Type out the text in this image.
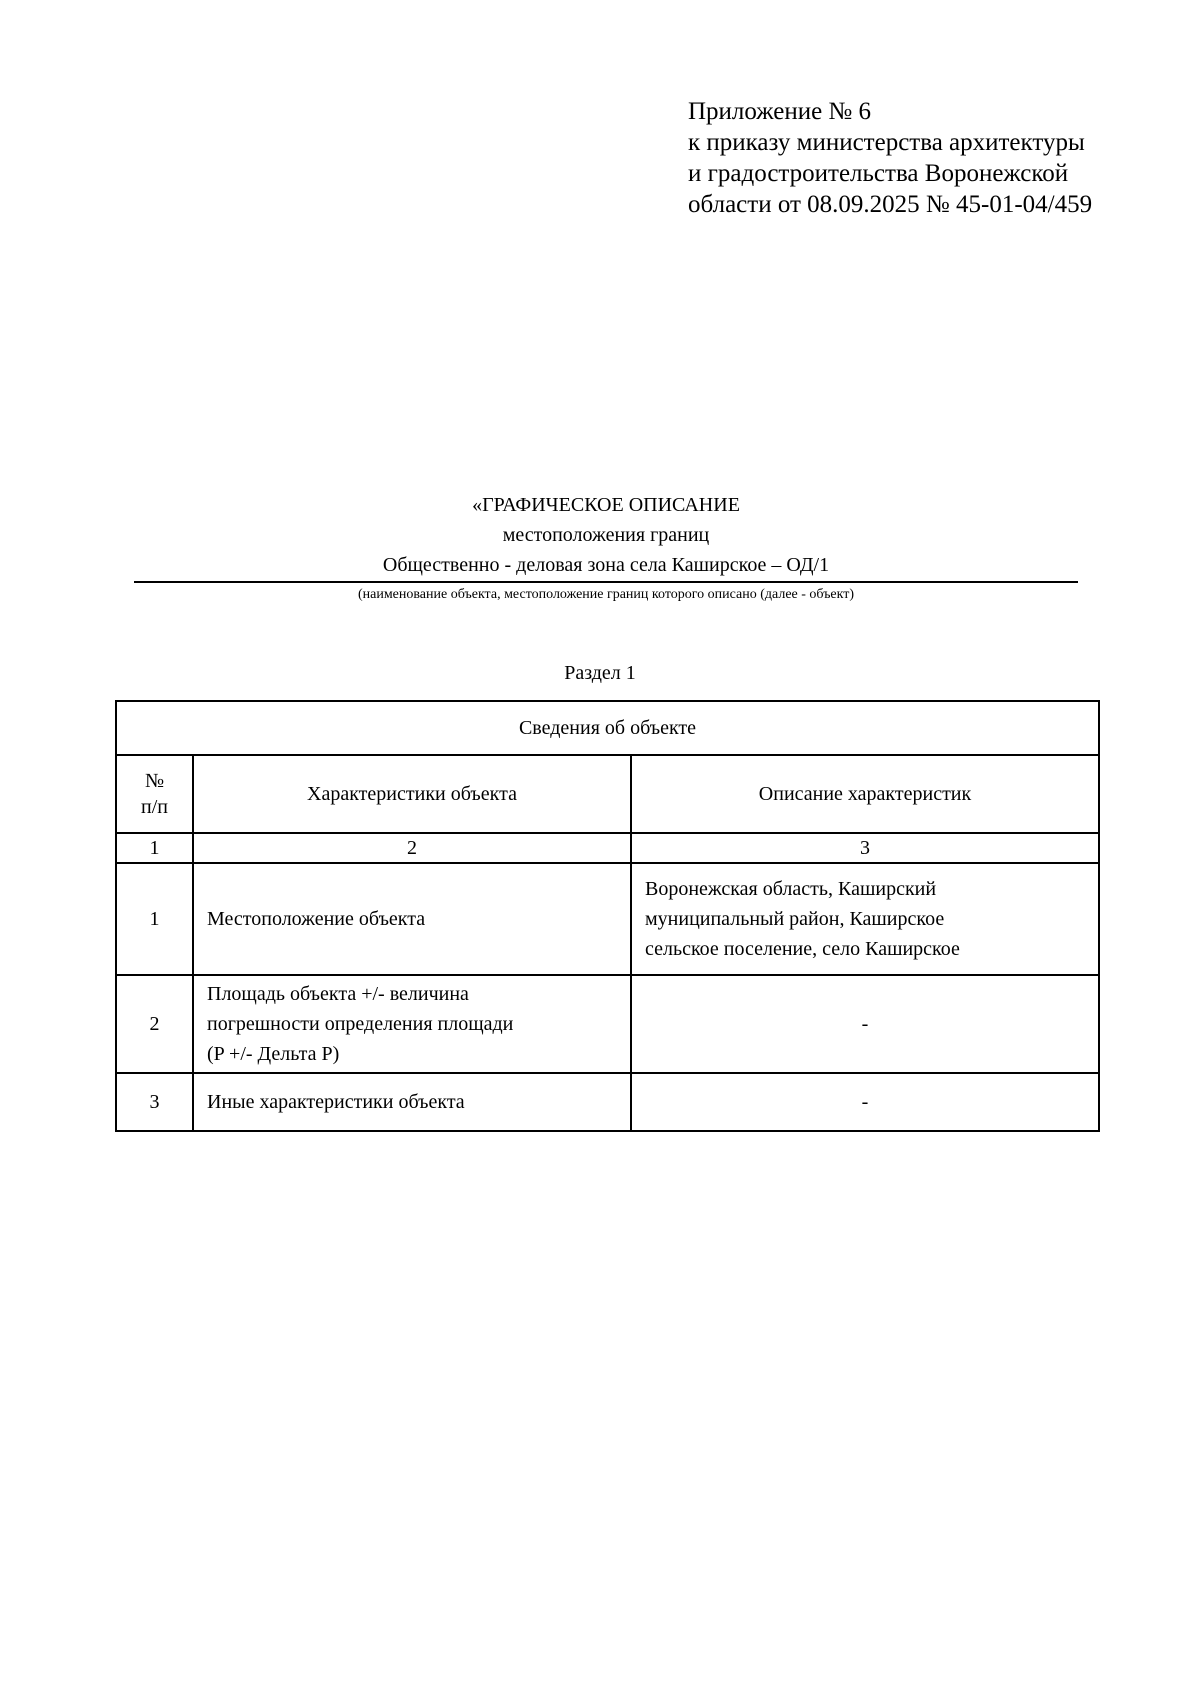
Приложение № 6
к приказу министерства архитектуры
и градостроительства Воронежской
области от 08.09.2025 № 45-01-04/459
«ГРАФИЧЕСКОЕ ОПИСАНИЕ
местоположения границ
Общественно - деловая зона села Каширское – ОД/1
(наименование объекта, местоположение границ которого описано (далее - объект)
Раздел 1
Сведения об объекте		

№
п/п	Характеристики объекта	Описание характеристик
1	2	3
1	Местоположение объекта	Воронежская область, Каширский
муниципальный район, Каширское
сельское поселение, село Каширское

2	Площадь объекта +/- величина
погрешности определения площади
(P +/- Дельта P)	-
3	Иные характеристики объекта	-
